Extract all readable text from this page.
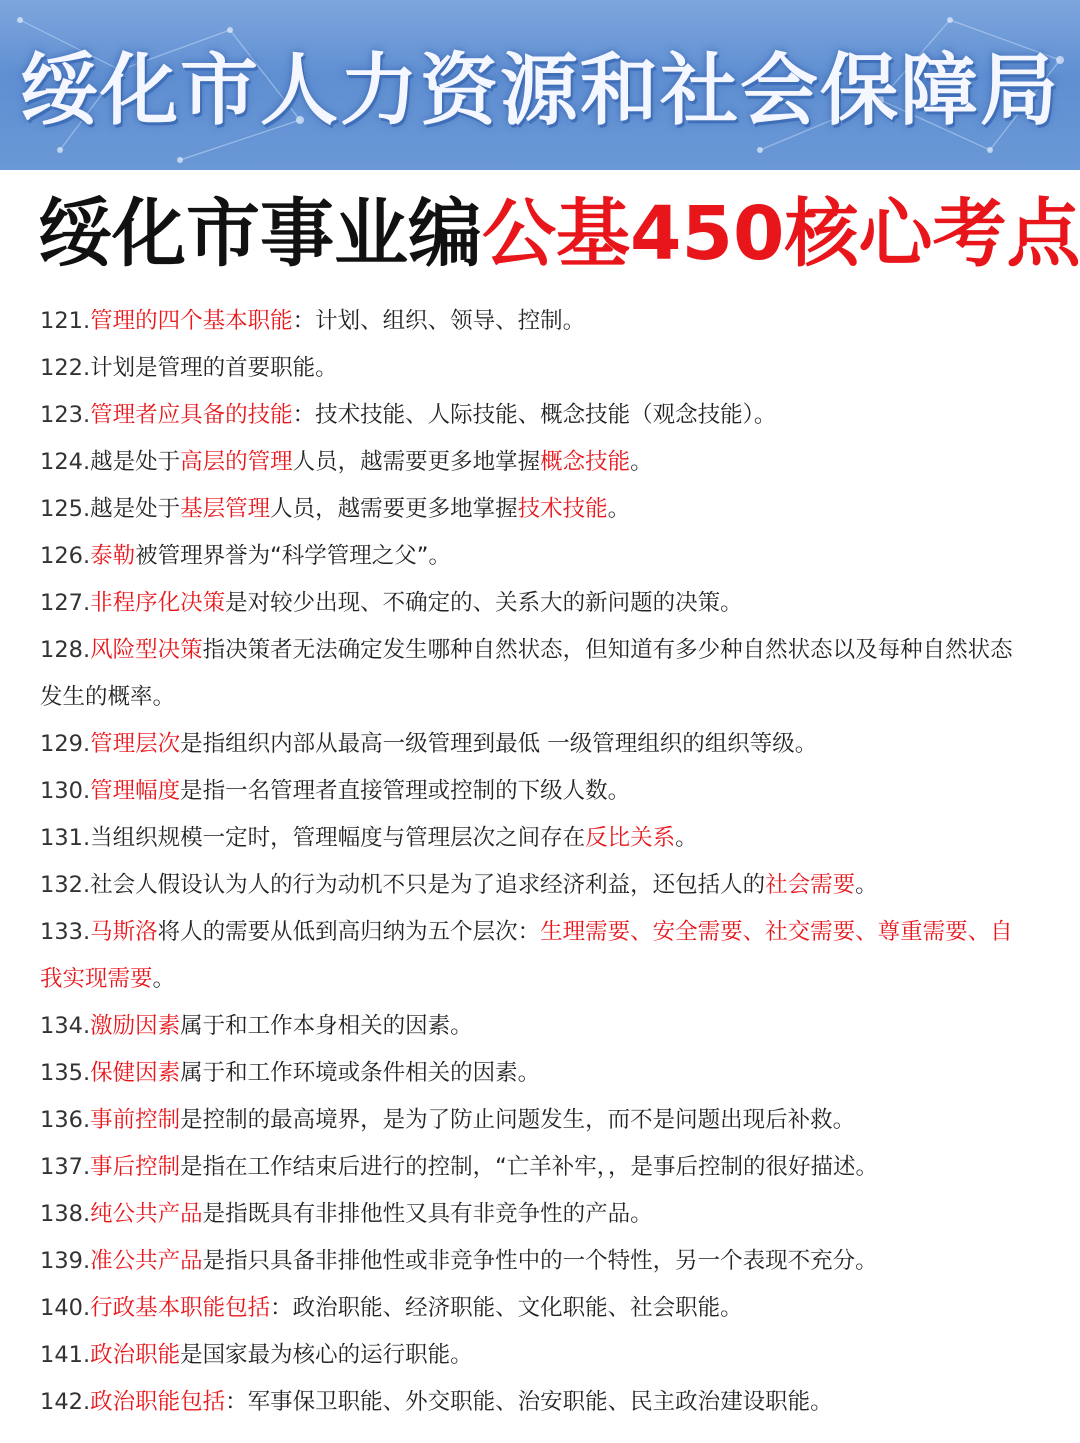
绥化市人力资源和社会保障局
绥化市事业编公基450核心考点
121.管理的四个基本职能：计划、组织、领导、控制。
122.计划是管理的首要职能。
123.管理者应具备的技能：技术技能、人际技能、概念技能（观念技能）。
124.越是处于高层的管理人员，越需要更多地掌握概念技能。
125.越是处于基层管理人员，越需要更多地掌握技术技能。
126.泰勒被管理界誉为“科学管理之父”。
127.非程序化决策是对较少出现、不确定的、关系大的新问题的决策。
128.风险型决策指决策者无法确定发生哪种自然状态，但知道有多少种自然状态以及每种自然状态发生的概率。
129.管理层次是指组织内部从最高一级管理到最低 一级管理组织的组织等级。
130.管理幅度是指一名管理者直接管理或控制的下级人数。
131.当组织规模一定时，管理幅度与管理层次之间存在反比关系。
132.社会人假设认为人的行为动机不只是为了追求经济利益，还包括人的社会需要。
133.马斯洛将人的需要从低到高归纳为五个层次：生理需要、安全需要、社交需要、尊重需要、自我实现需要。
134.激励因素属于和工作本身相关的因素。
135.保健因素属于和工作环境或条件相关的因素。
136.事前控制是控制的最高境界，是为了防止问题发生，而不是问题出现后补救。
137.事后控制是指在工作结束后进行的控制，“亡羊补牢，，是事后控制的很好描述。
138.纯公共产品是指既具有非排他性又具有非竞争性的产品。
139.准公共产品是指只具备非排他性或非竞争性中的一个特性，另一个表现不充分。
140.行政基本职能包括：政治职能、经济职能、文化职能、社会职能。
141.政治职能是国家最为核心的运行职能。
142.政治职能包括：军事保卫职能、外交职能、治安职能、民主政治建设职能。
